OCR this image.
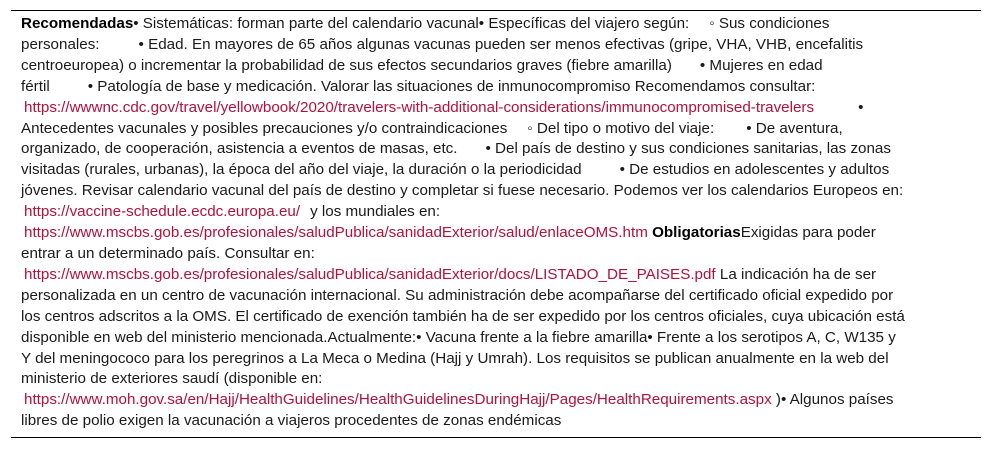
Recomendadas• Sistemáticas: forman parte del calendario vacunal• Específicas del viajero según: ◦ Sus condiciones
personales:	• Edad. En mayores de 65 años algunas vacunas pueden ser menos efectivas (gripe, VHA, VHB, encefalitis
centroeuropea) o incrementar la probabilidad de sus efectos secundarios graves (fiebre amarilla) • Mujeres en edad
fértil	• Patología de base y medicación. Valorar las situaciones de inmunocompromiso Recomendamos consultar:
https://wwwnc.cdc.gov/travel/yellowbook/2020/travelers-with-additional-considerations/immunocompromised-travelers	•
Antecedentes vacunales y posibles precauciones y/o contraindicaciones ◦ Del tipo o motivo del viaje: • De aventura,
organizado, de cooperación, asistencia a eventos de masas, etc. • Del país de destino y sus condiciones sanitarias, las zonas
visitadas (rurales, urbanas), la época del año del viaje, la duración o la periodicidad	• De estudios en adolescentes y adultos
jóvenes. Revisar calendario vacunal del país de destino y completar si fuese necesario. Podemos ver los calendarios Europeos en:
https://vaccine-schedule.ecdc.europa.eu/ y los mundiales en:
https://www.mscbs.gob.es/profesionales/saludPublica/sanidadExterior/salud/enlaceOMS.htm ObligatoriasExigidas para poder
entrar a un determinado país. Consultar en:
https://www.mscbs.gob.es/profesionales/saludPublica/sanidadExterior/docs/LISTADO_DE_PAISES.pdf La indicación ha de ser
personalizada en un centro de vacunación internacional. Su administración debe acompañarse del certificado oficial expedido por
los centros adscritos a la OMS. El certificado de exención también ha de ser expedido por los centros oficiales, cuya ubicación está
disponible en web del ministerio mencionada.Actualmente:• Vacuna frente a la fiebre amarilla• Frente a los serotipos A, C, W135 y
Y del meningococo para los peregrinos a La Meca o Medina (Hajj y Umrah). Los requisitos se publican anualmente en la web del
ministerio de exteriores saudí (disponible en:
https://www.moh.gov.sa/en/Hajj/HealthGuidelines/HealthGuidelinesDuringHajj/Pages/HealthRequirements.aspx )• Algunos países
libres de polio exigen la vacunación a viajeros procedentes de zonas endémicas
